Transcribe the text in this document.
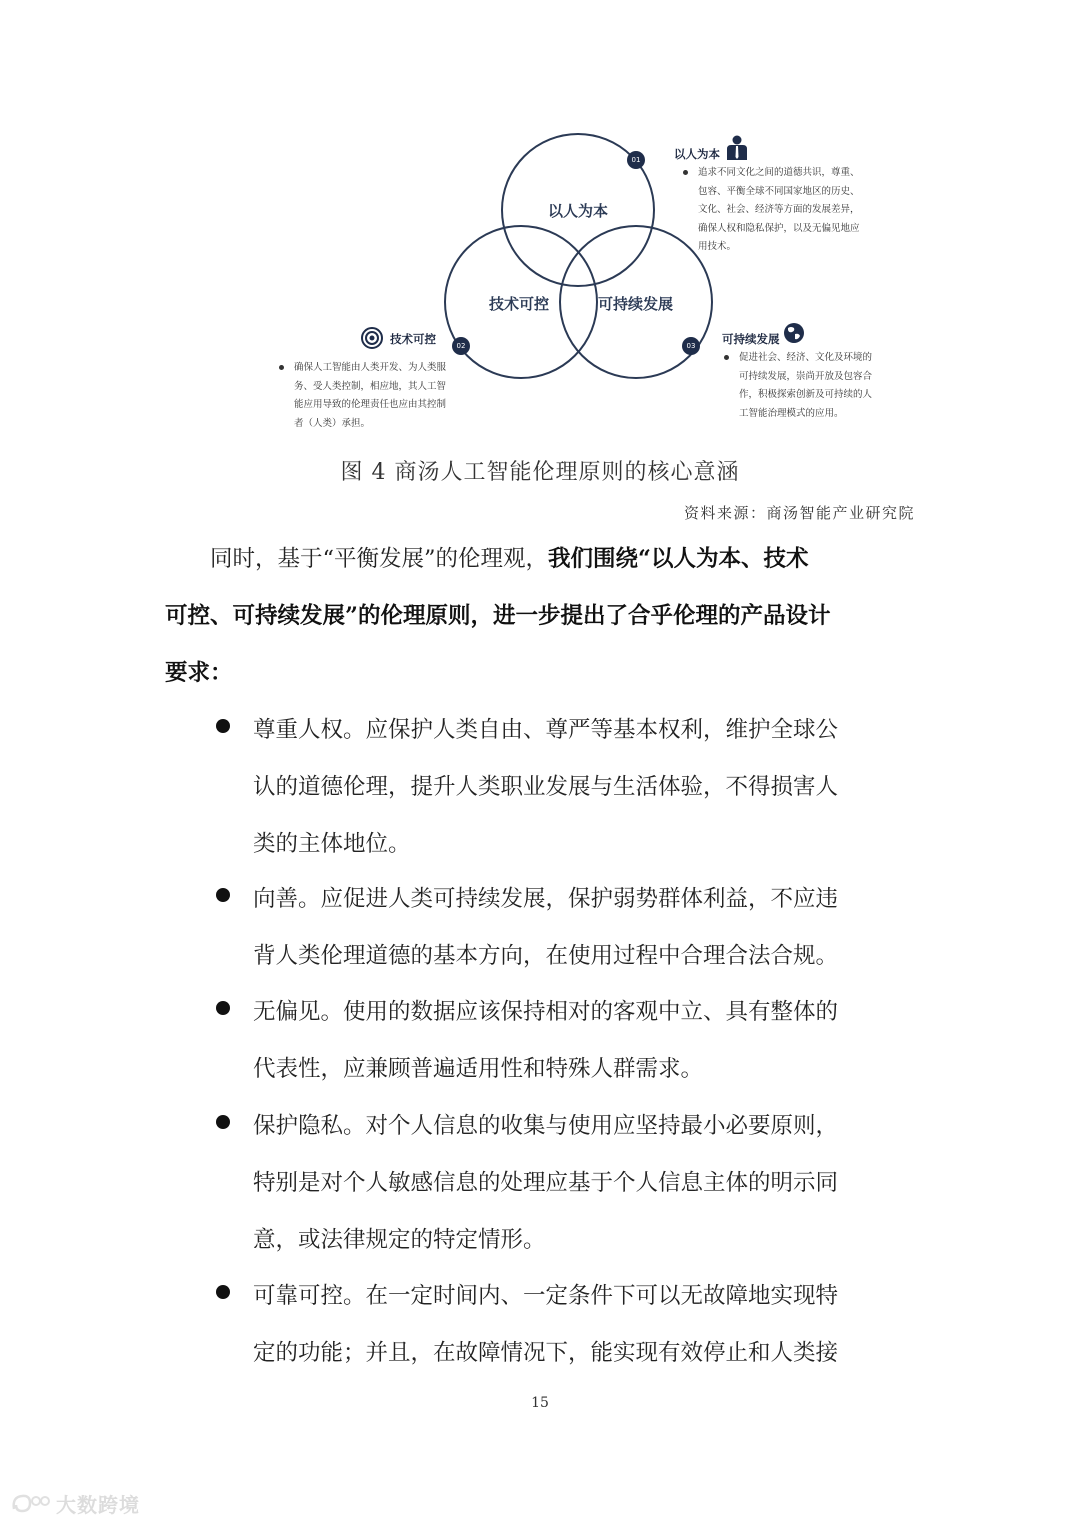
以人为本
技术可控	可持续发展
01
02	03
以人为本

追求不同文化之间的道德共识，尊重、

包容、平衡全球不同国家地区的历史、

文化、社会、经济等方面的发展差异，

确保人权和隐私保护，以及无偏见地应

用技术。

技术可控

确保人工智能由人类开发、为人类服

务、受人类控制，相应地，其人工智

能应用导致的伦理责任也应由其控制

者（人类）承担。

可持续发展

促进社会、经济、文化及环境的

可持续发展，崇尚开放及包容合

作，积极探索创新及可持续的人

工智能治理模式的应用。

图 4 商汤人工智能伦理原则的核心意涵
资料来源：商汤智能产业研究院
同时，基于“平衡发展”的伦理观，我们围绕“以人为本、技术
可控、可持续发展”的伦理原则，进一步提出了合乎伦理的产品设计
要求：
尊重人权。应保护人类自由、尊严等基本权利，维护全球公
认的道德伦理，提升人类职业发展与生活体验，不得损害人
类的主体地位。
向善。应促进人类可持续发展，保护弱势群体利益，不应违
背人类伦理道德的基本方向，在使用过程中合理合法合规。
无偏见。使用的数据应该保持相对的客观中立、具有整体的
代表性，应兼顾普遍适用性和特殊人群需求。
保护隐私。对个人信息的收集与使用应坚持最小必要原则，
特别是对个人敏感信息的处理应基于个人信息主体的明示同
意，或法律规定的特定情形。
可靠可控。在一定时间内、一定条件下可以无故障地实现特
定的功能；并且，在故障情况下，能实现有效停止和人类接
15
大数跨境
